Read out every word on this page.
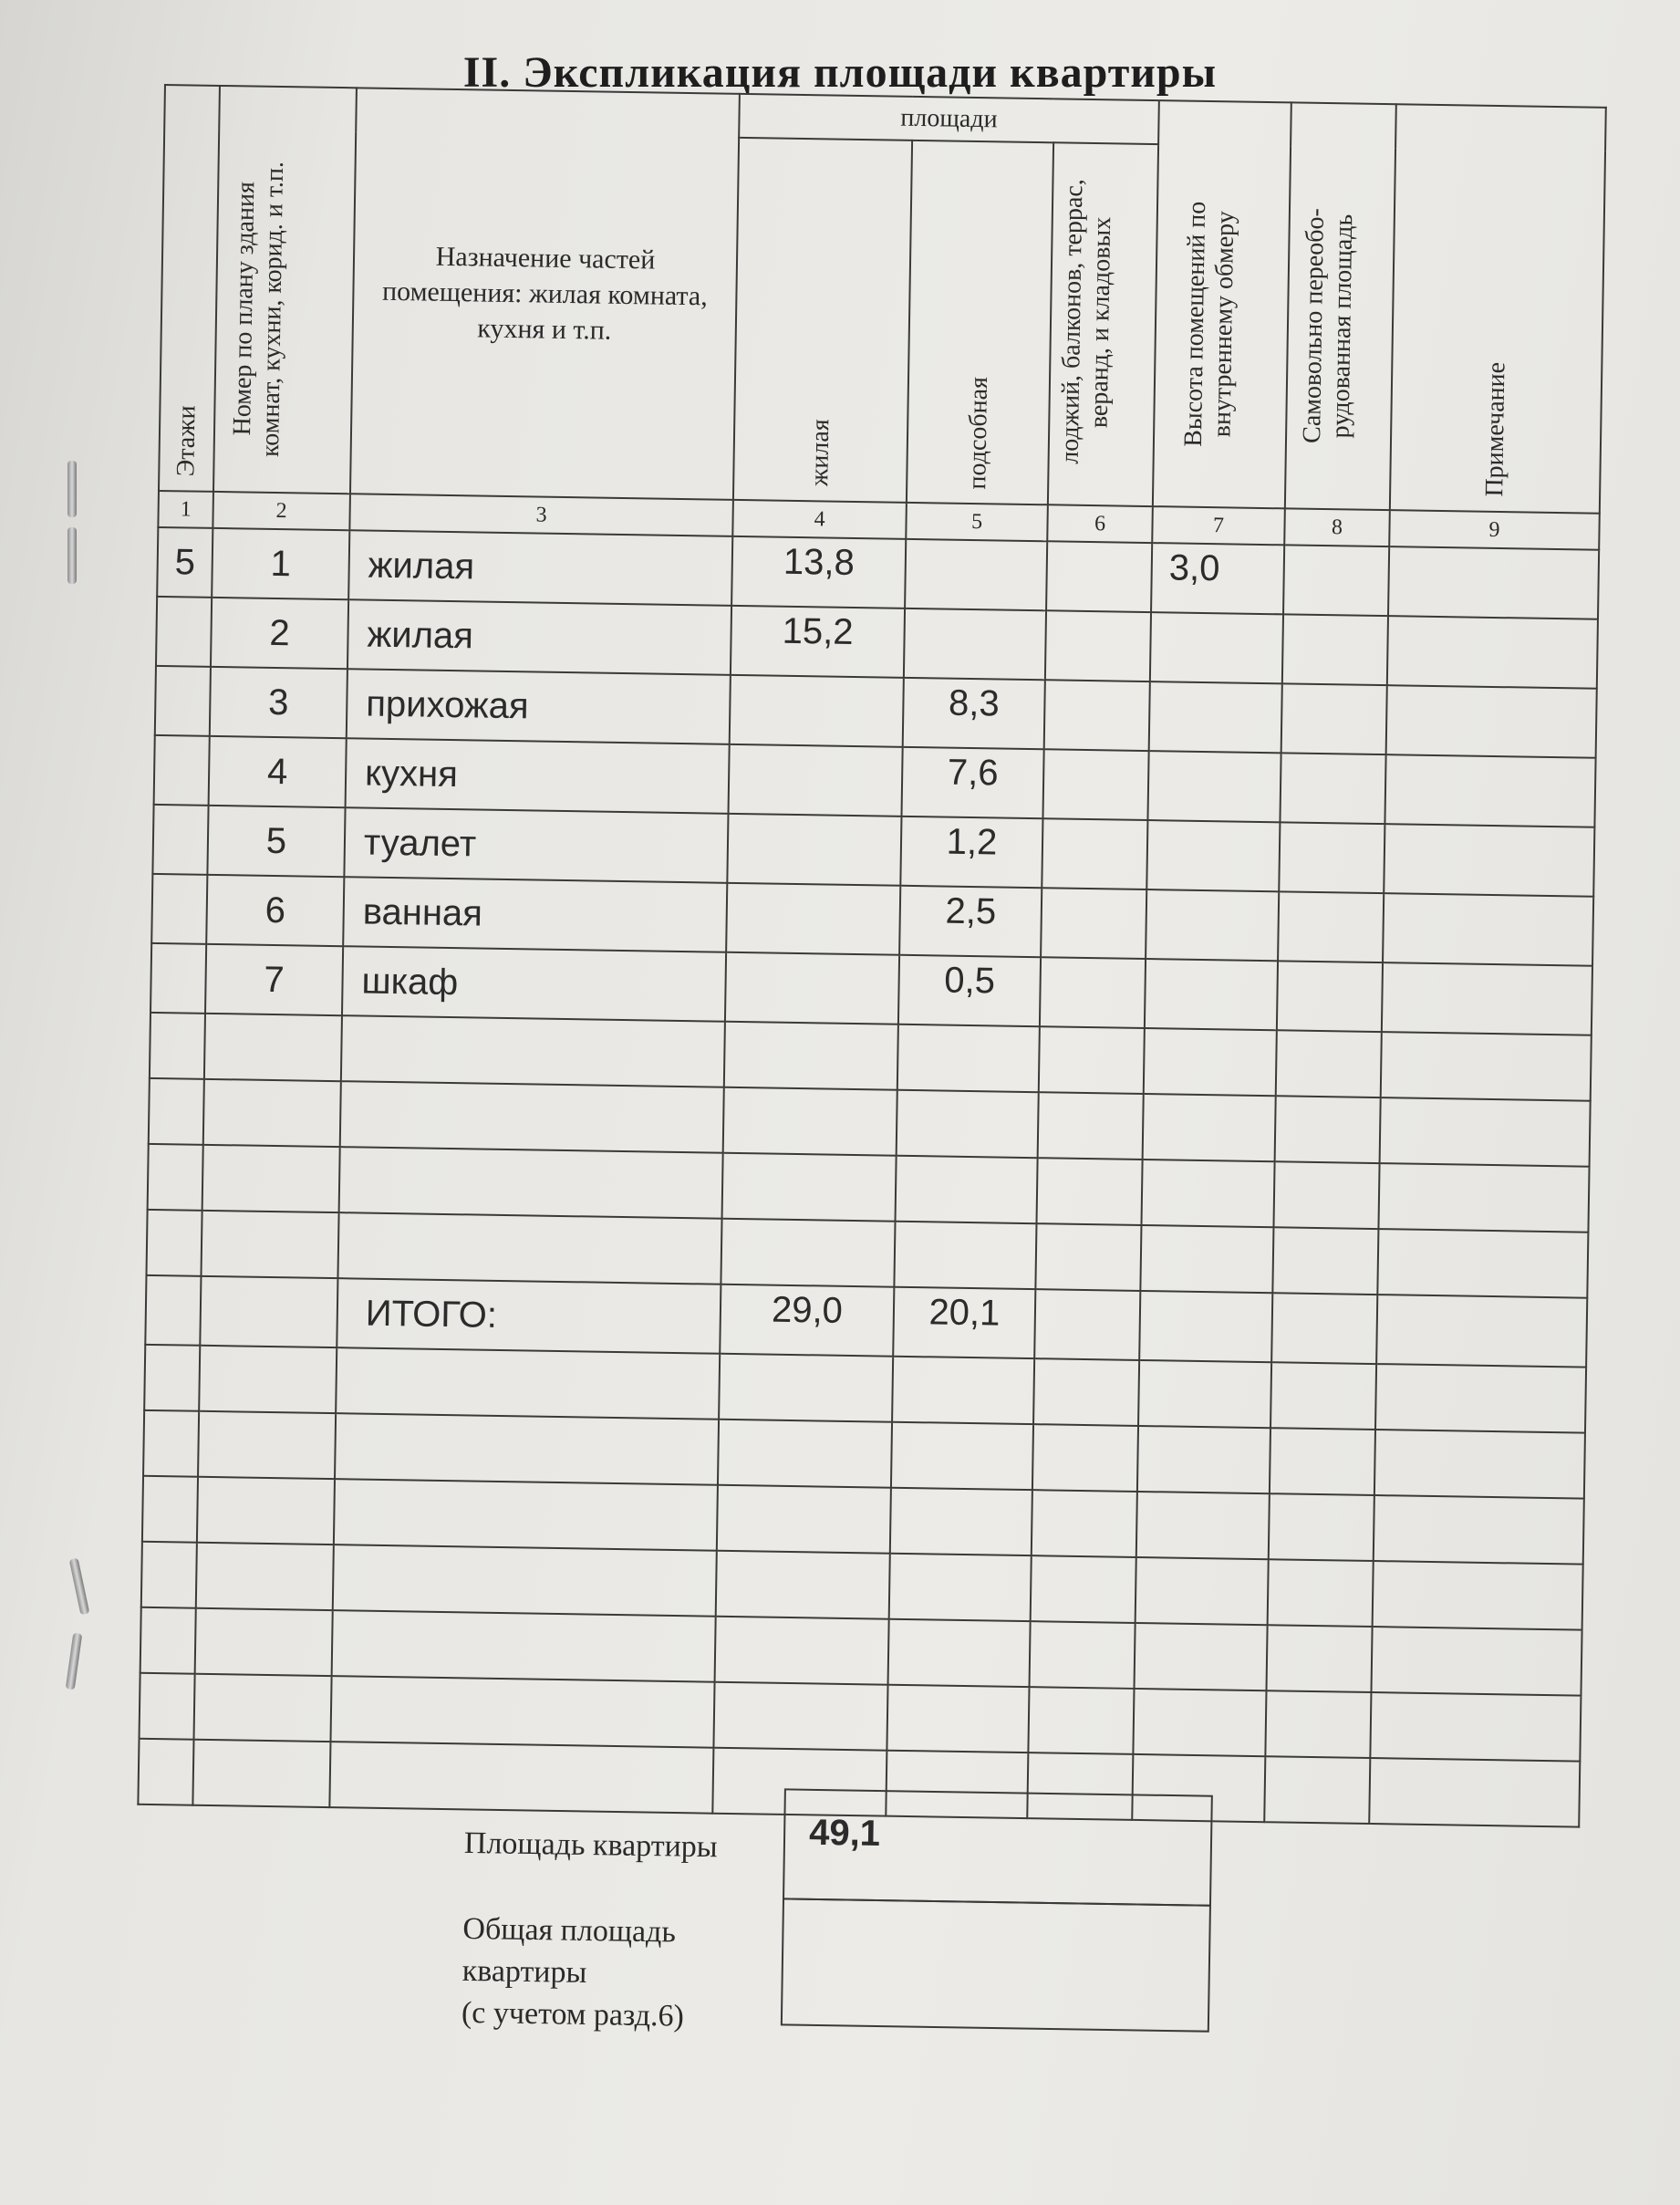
II. Экспликация площади квартиры
Этажи	Номер по плану здания комнат, кухни, корид. и т.п.	Назначение частей помещения: жилая комната, кухня и т.п.	площади			Высота помещений по внутреннему обмеру	Самовольно переобо-рудованная площадь	Примечание
			жилая	подсобная	лоджий, балконов, террас, веранд, и кладовых			
1	2	3	4	5	6	7	8	9
5	1	жилая	13,8			3,0		
	2	жилая	15,2					
	3	прихожая		8,3				
	4	кухня		7,6				
	5	туалет		1,2				
	6	ванная		2,5				
	7	шкаф		0,5				

		ИТОГО:	29,0	20,1				

Площадь квартиры 49,1
Общая площадь
квартиры
(с учетом разд.6)
